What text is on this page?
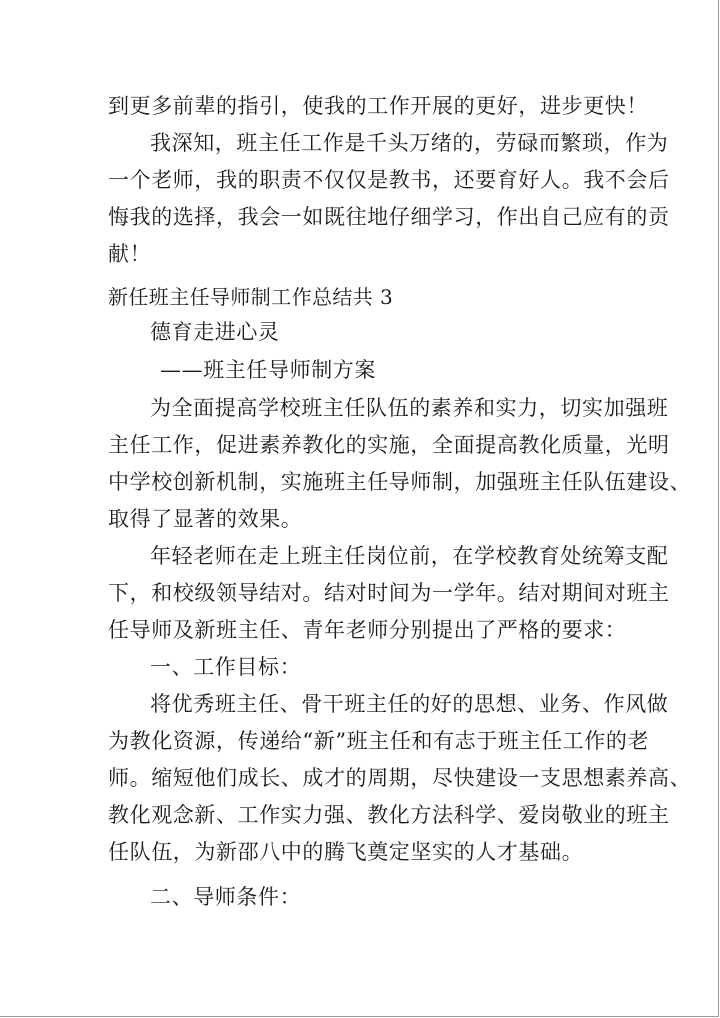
到更多前辈的指引，使我的工作开展的更好，进步更快！
我深知，班主任工作是千头万绪的，劳碌而繁琐，作为
一个老师，我的职责不仅仅是教书，还要育好人。我不会后
悔我的选择，我会一如既往地仔细学习，作出自己应有的贡
献！
新任班主任导师制工作总结共 3
德育走进心灵
——班主任导师制方案
为全面提高学校班主任队伍的素养和实力，切实加强班
主任工作，促进素养教化的实施，全面提高教化质量，光明
中学校创新机制，实施班主任导师制，加强班主任队伍建设、
取得了显著的效果。
年轻老师在走上班主任岗位前，在学校教育处统筹支配
下，和校级领导结对。结对时间为一学年。结对期间对班主
任导师及新班主任、青年老师分别提出了严格的要求：
一、工作目标：
将优秀班主任、骨干班主任的好的思想、业务、作风做
为教化资源，传递给“新”班主任和有志于班主任工作的老
师。缩短他们成长、成才的周期，尽快建设一支思想素养高、
教化观念新、工作实力强、教化方法科学、爱岗敬业的班主
任队伍，为新邵八中的腾飞奠定坚实的人才基础。
二、导师条件：
